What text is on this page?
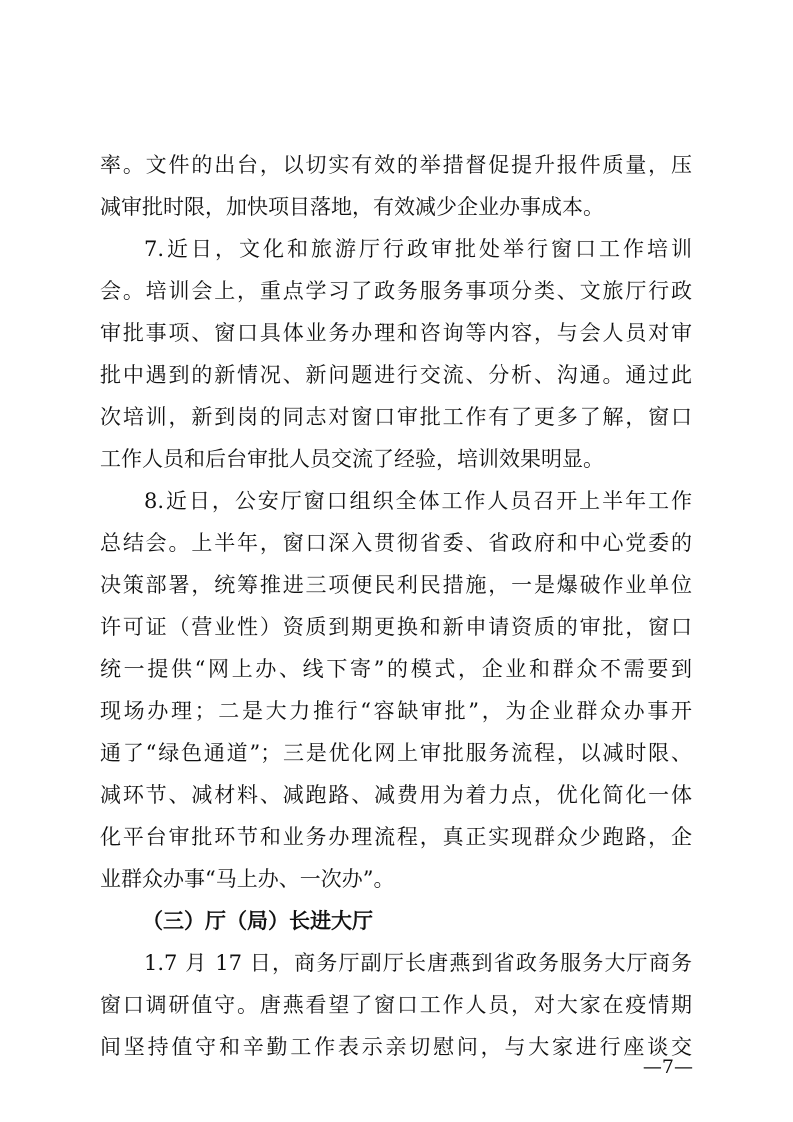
率。文件的出台，以切实有效的举措督促提升报件质量，压
减审批时限，加快项目落地，有效减少企业办事成本。
7.近日，文化和旅游厅行政审批处举行窗口工作培训
会。培训会上，重点学习了政务服务事项分类、文旅厅行政
审批事项、窗口具体业务办理和咨询等内容，与会人员对审
批中遇到的新情况、新问题进行交流、分析、沟通。通过此
次培训，新到岗的同志对窗口审批工作有了更多了解，窗口
工作人员和后台审批人员交流了经验，培训效果明显。
8.近日，公安厅窗口组织全体工作人员召开上半年工作
总结会。上半年，窗口深入贯彻省委、省政府和中心党委的
决策部署，统筹推进三项便民利民措施，一是爆破作业单位
许可证（营业性）资质到期更换和新申请资质的审批，窗口
统一提供“网上办、线下寄”的模式，企业和群众不需要到
现场办理；二是大力推行“容缺审批”，为企业群众办事开
通了“绿色通道”；三是优化网上审批服务流程，以减时限、
减环节、减材料、减跑路、减费用为着力点，优化简化一体
化平台审批环节和业务办理流程，真正实现群众少跑路，企
业群众办事“马上办、一次办”。
（三）厅（局）长进大厅
1.7 月 17 日，商务厅副厅长唐燕到省政务服务大厅商务
窗口调研值守。唐燕看望了窗口工作人员，对大家在疫情期
间坚持值守和辛勤工作表示亲切慰问，与大家进行座谈交
—7—
